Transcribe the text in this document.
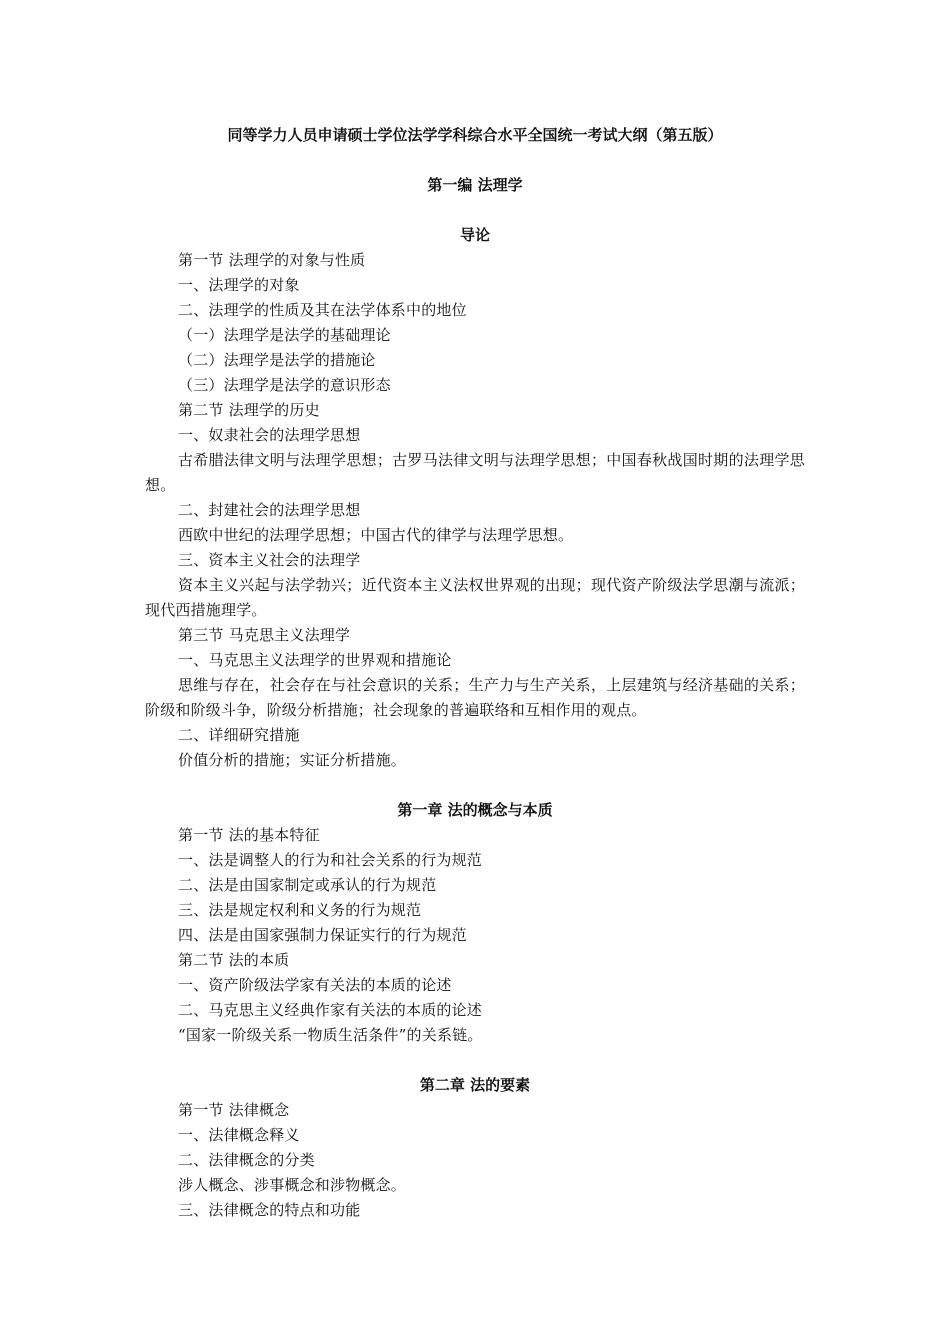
同等学力人员申请硕士学位法学学科综合水平全国统一考试大纲（第五版）
第一编 法理学
导论

第一节 法理学的对象与性质

一、法理学的对象

二、法理学的性质及其在法学体系中的地位

（一）法理学是法学的基础理论

（二）法理学是法学的措施论

（三）法理学是法学的意识形态

第二节 法理学的历史

一、奴隶社会的法理学思想

古希腊法律文明与法理学思想；古罗马法律文明与法理学思想；中国春秋战国时期的法理学思想。

二、封建社会的法理学思想

西欧中世纪的法理学思想；中国古代的律学与法理学思想。

三、资本主义社会的法理学

资本主义兴起与法学勃兴；近代资本主义法权世界观的出现；现代资产阶级法学思潮与流派；现代西措施理学。

第三节 马克思主义法理学

一、马克思主义法理学的世界观和措施论

思维与存在，社会存在与社会意识的关系；生产力与生产关系，上层建筑与经济基础的关系；阶级和阶级斗争，阶级分析措施；社会现象的普遍联络和互相作用的观点。

二、详细研究措施

价值分析的措施；实证分析措施。

第一章 法的概念与本质

第一节 法的基本特征

一、法是调整人的行为和社会关系的行为规范

二、法是由国家制定或承认的行为规范

三、法是规定权利和义务的行为规范

四、法是由国家强制力保证实行的行为规范

第二节 法的本质

一、资产阶级法学家有关法的本质的论述

二、马克思主义经典作家有关法的本质的论述

“国家一阶级关系一物质生活条件”的关系链。

第二章 法的要素

第一节 法律概念

一、法律概念释义

二、法律概念的分类

涉人概念、涉事概念和涉物概念。

三、法律概念的特点和功能
